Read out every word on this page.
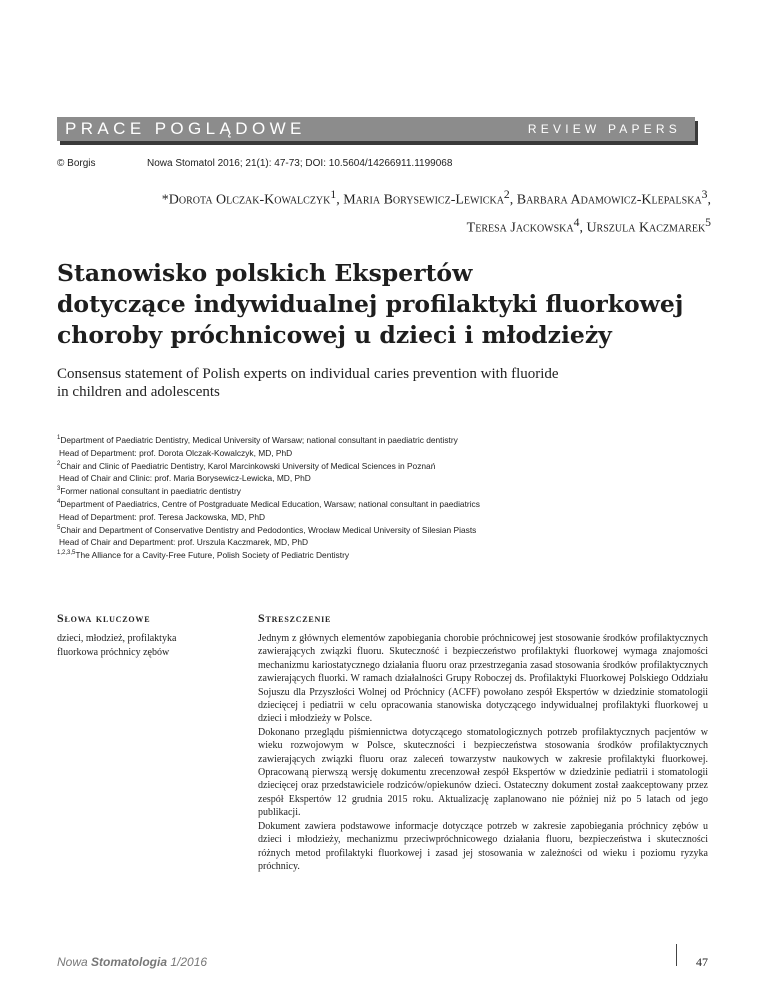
PRACE POGLĄDOWE	REVIEW PAPERS
© Borgis	Nowa Stomatol 2016; 21(1): 47-73; DOI: 10.5604/14266911.1199068
*Dorota Olczak-Kowalczyk$^1$, Maria Borysewicz-Lewicka$^2$, Barbara Adamowicz-Klepalska$^3$,
Teresa Jackowska$^4$, Urszula Kaczmarek$^5$
Stanowisko polskich Ekspertów
dotyczące indywidualnej profilaktyki fluorkowej
choroby próchnicowej u dzieci i młodzieży
Consensus statement of Polish experts on individual caries prevention with fluoride
in children and adolescents
$^1$Department of Paediatric Dentistry, Medical University of Warsaw; national consultant in paediatric dentistry
Head of Department: prof. Dorota Olczak-Kowalczyk, MD, PhD
$^2$Chair and Clinic of Paediatric Dentistry, Karol Marcinkowski University of Medical Sciences in Poznań
Head of Chair and Clinic: prof. Maria Borysewicz-Lewicka, MD, PhD
$^3$Former national consultant in paediatric dentistry
$^4$Department of Paediatrics, Centre of Postgraduate Medical Education, Warsaw; national consultant in paediatrics
Head of Department: prof. Teresa Jackowska, MD, PhD
$^5$Chair and Department of Conservative Dentistry and Pedodontics, Wrocław Medical University of Silesian Piasts
Head of Chair and Department: prof. Urszula Kaczmarek, MD, PhD
$^{1,2,3,5}$The Alliance for a Cavity-Free Future, Polish Society of Pediatric Dentistry
Słowa kluczowe	Streszczenie
dzieci, młodzież, profilaktyka
fluorkowa próchnicy zębów

Jednym z głównych elementów zapobiegania chorobie próchnicowej jest stosowanie środków profilaktycznych zawierających związki fluoru. Skuteczność i bezpieczeństwo profilaktyki fluorkowej wymaga znajomości mechanizmu kariostatycznego działania fluoru oraz przestrzegania zasad stosowania środków profilaktycznych zawierających fluorki. W ramach działalności Grupy Roboczej ds. Profilaktyki Fluorkowej Polskiego Oddziału Sojuszu dla Przyszłości Wolnej od Próchnicy (ACFF) powołano zespół Ekspertów w dziedzinie stomatologii dziecięcej i pediatrii w celu opracowania stanowiska dotyczącego indywidualnej profilaktyki fluorkowej u dzieci i młodzieży w Polsce.

Dokonano przeglądu piśmiennictwa dotyczącego stomatologicznych potrzeb profilaktycznych pacjentów w wieku rozwojowym w Polsce, skuteczności i bezpieczeństwa stosowania środków profilaktycznych zawierających związki fluoru oraz zaleceń towarzystw naukowych w zakresie profilaktyki fluorkowej. Opracowaną pierwszą wersję dokumentu zrecenzował zespół Ekspertów w dziedzinie pediatrii i stomatologii dziecięcej oraz przedstawiciele rodziców/opiekunów dzieci. Ostateczny dokument został zaakceptowany przez zespół Ekspertów 12 grudnia 2015 roku. Aktualizację zaplanowano nie później niż po 5 latach od jego publikacji.

Dokument zawiera podstawowe informacje dotyczące potrzeb w zakresie zapobiegania próchnicy zębów u dzieci i młodzieży, mechanizmu przeciwpróchnicowego działania fluoru, bezpieczeństwa i skuteczności różnych metod profilaktyki fluorkowej i zasad jej stosowania w zależności od wieku i poziomu ryzyka próchnicy.

Nowa Stomatologia 1/2016	47
